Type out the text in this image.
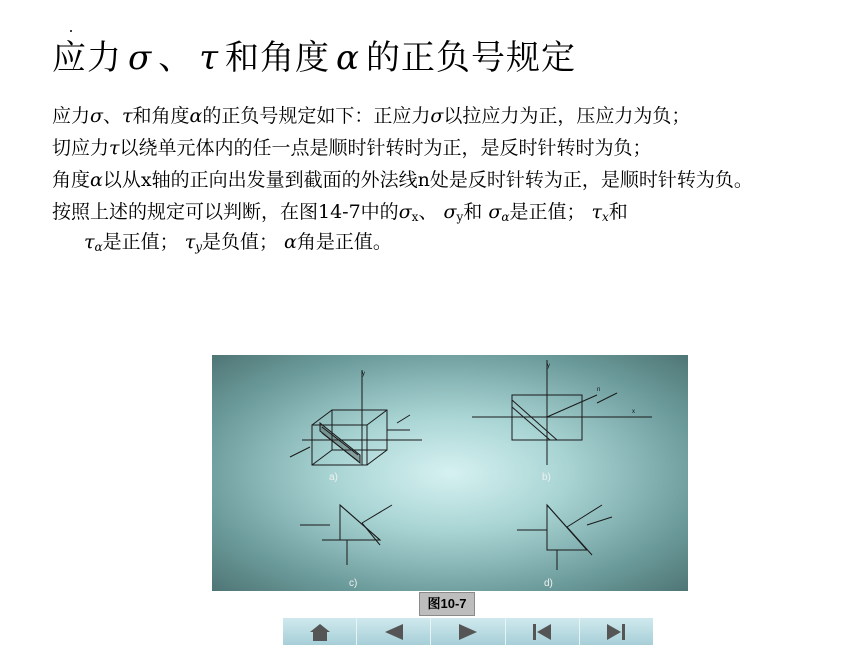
应力 σ 、 τ 和角度 α 的正负号规定

应力σ、τ和角度α的正负号规定如下：正应力σ以拉应力为正，压应力为负；

切应力τ以绕单元体内的任一点是顺时针转时为正，是反时针转时为负；

角度α以从x轴的正向出发量到截面的外法线n处是反时针转为正，是顺时针转为负。

按照上述的规定可以判断，在图14-7中的$\sigma_x$、 $\sigma_y$和 $\sigma_\alpha$是正值； $\tau_x$和
$\tau_\alpha$是正值； $\tau_y$是负值； α角是正值。

y
y
x
n
a)	b)
c)	d)
图10-7
